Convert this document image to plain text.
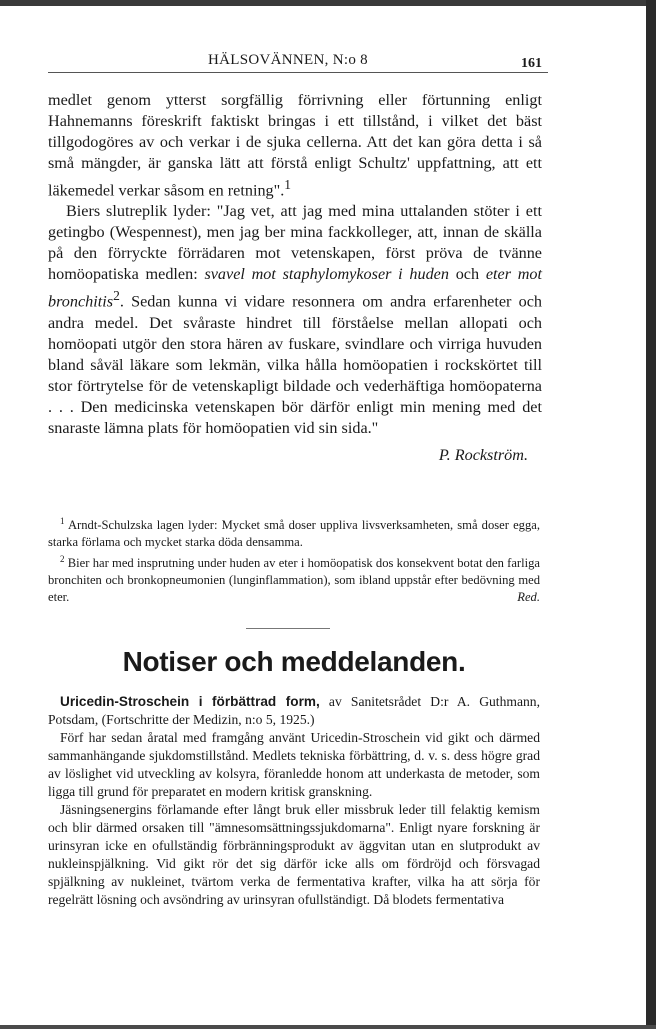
HÄLSOVÄNNEN, N:o 8	161

medlet genom ytterst sorgfällig förrivning eller förtunning enligt Hahnemanns föreskrift faktiskt bringas i ett tillstånd, i vilket det bäst tillgodogöres av och verkar i de sjuka cellerna. Att det kan göra detta i så små mängder, är ganska lätt att förstå enligt Schultz' uppfattning, att ett läkemedel verkar såsom en retning".$^1$

Biers slutreplik lyder: "Jag vet, att jag med mina uttalanden stöter i ett getingbo (Wespennest), men jag ber mina fackkolleger, att, innan de skälla på den förryckte förrädaren mot vetenskapen, först pröva de tvänne homöopatiska medlen: svavel mot staphylomykoser i huden och eter mot bronchitis$^2$. Sedan kunna vi vidare resonnera om andra erfarenheter och andra medel. Det svåraste hindret till förståelse mellan allopati och homöopati utgör den stora hären av fuskare, svindlare och virriga huvuden bland såväl läkare som lekmän, vilka hålla homöopatien i rockskörtet till stor förtrytelse för de vetenskapligt bildade och vederhäftiga homöopaterna . . . Den medicinska vetenskapen bör därför enligt min mening med det snaraste lämna plats för homöopatien vid sin sida."

P. Rockström.

$^1$ Arndt-Schulzska lagen lyder: Mycket små doser uppliva livsverksamheten, små doser egga, starka förlama och mycket starka döda densamma.

$^2$ Bier har med insprutning under huden av eter i homöopatisk dos konsekvent botat den farliga bronchiten och bronkopneumonien (lunginflammation), som ibland uppstår efter bedövning med eter.	Red.

Notiser och meddelanden.

Uricedin-Stroschein i förbättrad form, av Sanitetsrådet D:r A. Guthmann, Potsdam, (Fortschritte der Medizin, n:o 5, 1925.)

Förf har sedan åratal med framgång använt Uricedin-Stroschein vid gikt och därmed sammanhängande sjukdomstillstånd. Medlets tekniska förbättring, d. v. s. dess högre grad av löslighet vid utveckling av kolsyra, föranledde honom att underkasta de metoder, som ligga till grund för preparatet en modern kritisk granskning.

Jäsningsenergins förlamande efter långt bruk eller missbruk leder till felaktig kemism och blir därmed orsaken till "ämnesomsättningssjukdomarna". Enligt nyare forskning är urinsyran icke en ofullständig förbränningsprodukt av äggvitan utan en slutprodukt av nukleinspjälkning. Vid gikt rör det sig därför icke alls om fördröjd och försvagad spjälkning av nukleinet, tvärtom verka de fermentativa krafter, vilka ha att sörja för regelrätt lösning och avsöndring av urinsyran ofullständigt. Då blodets fermentativa
